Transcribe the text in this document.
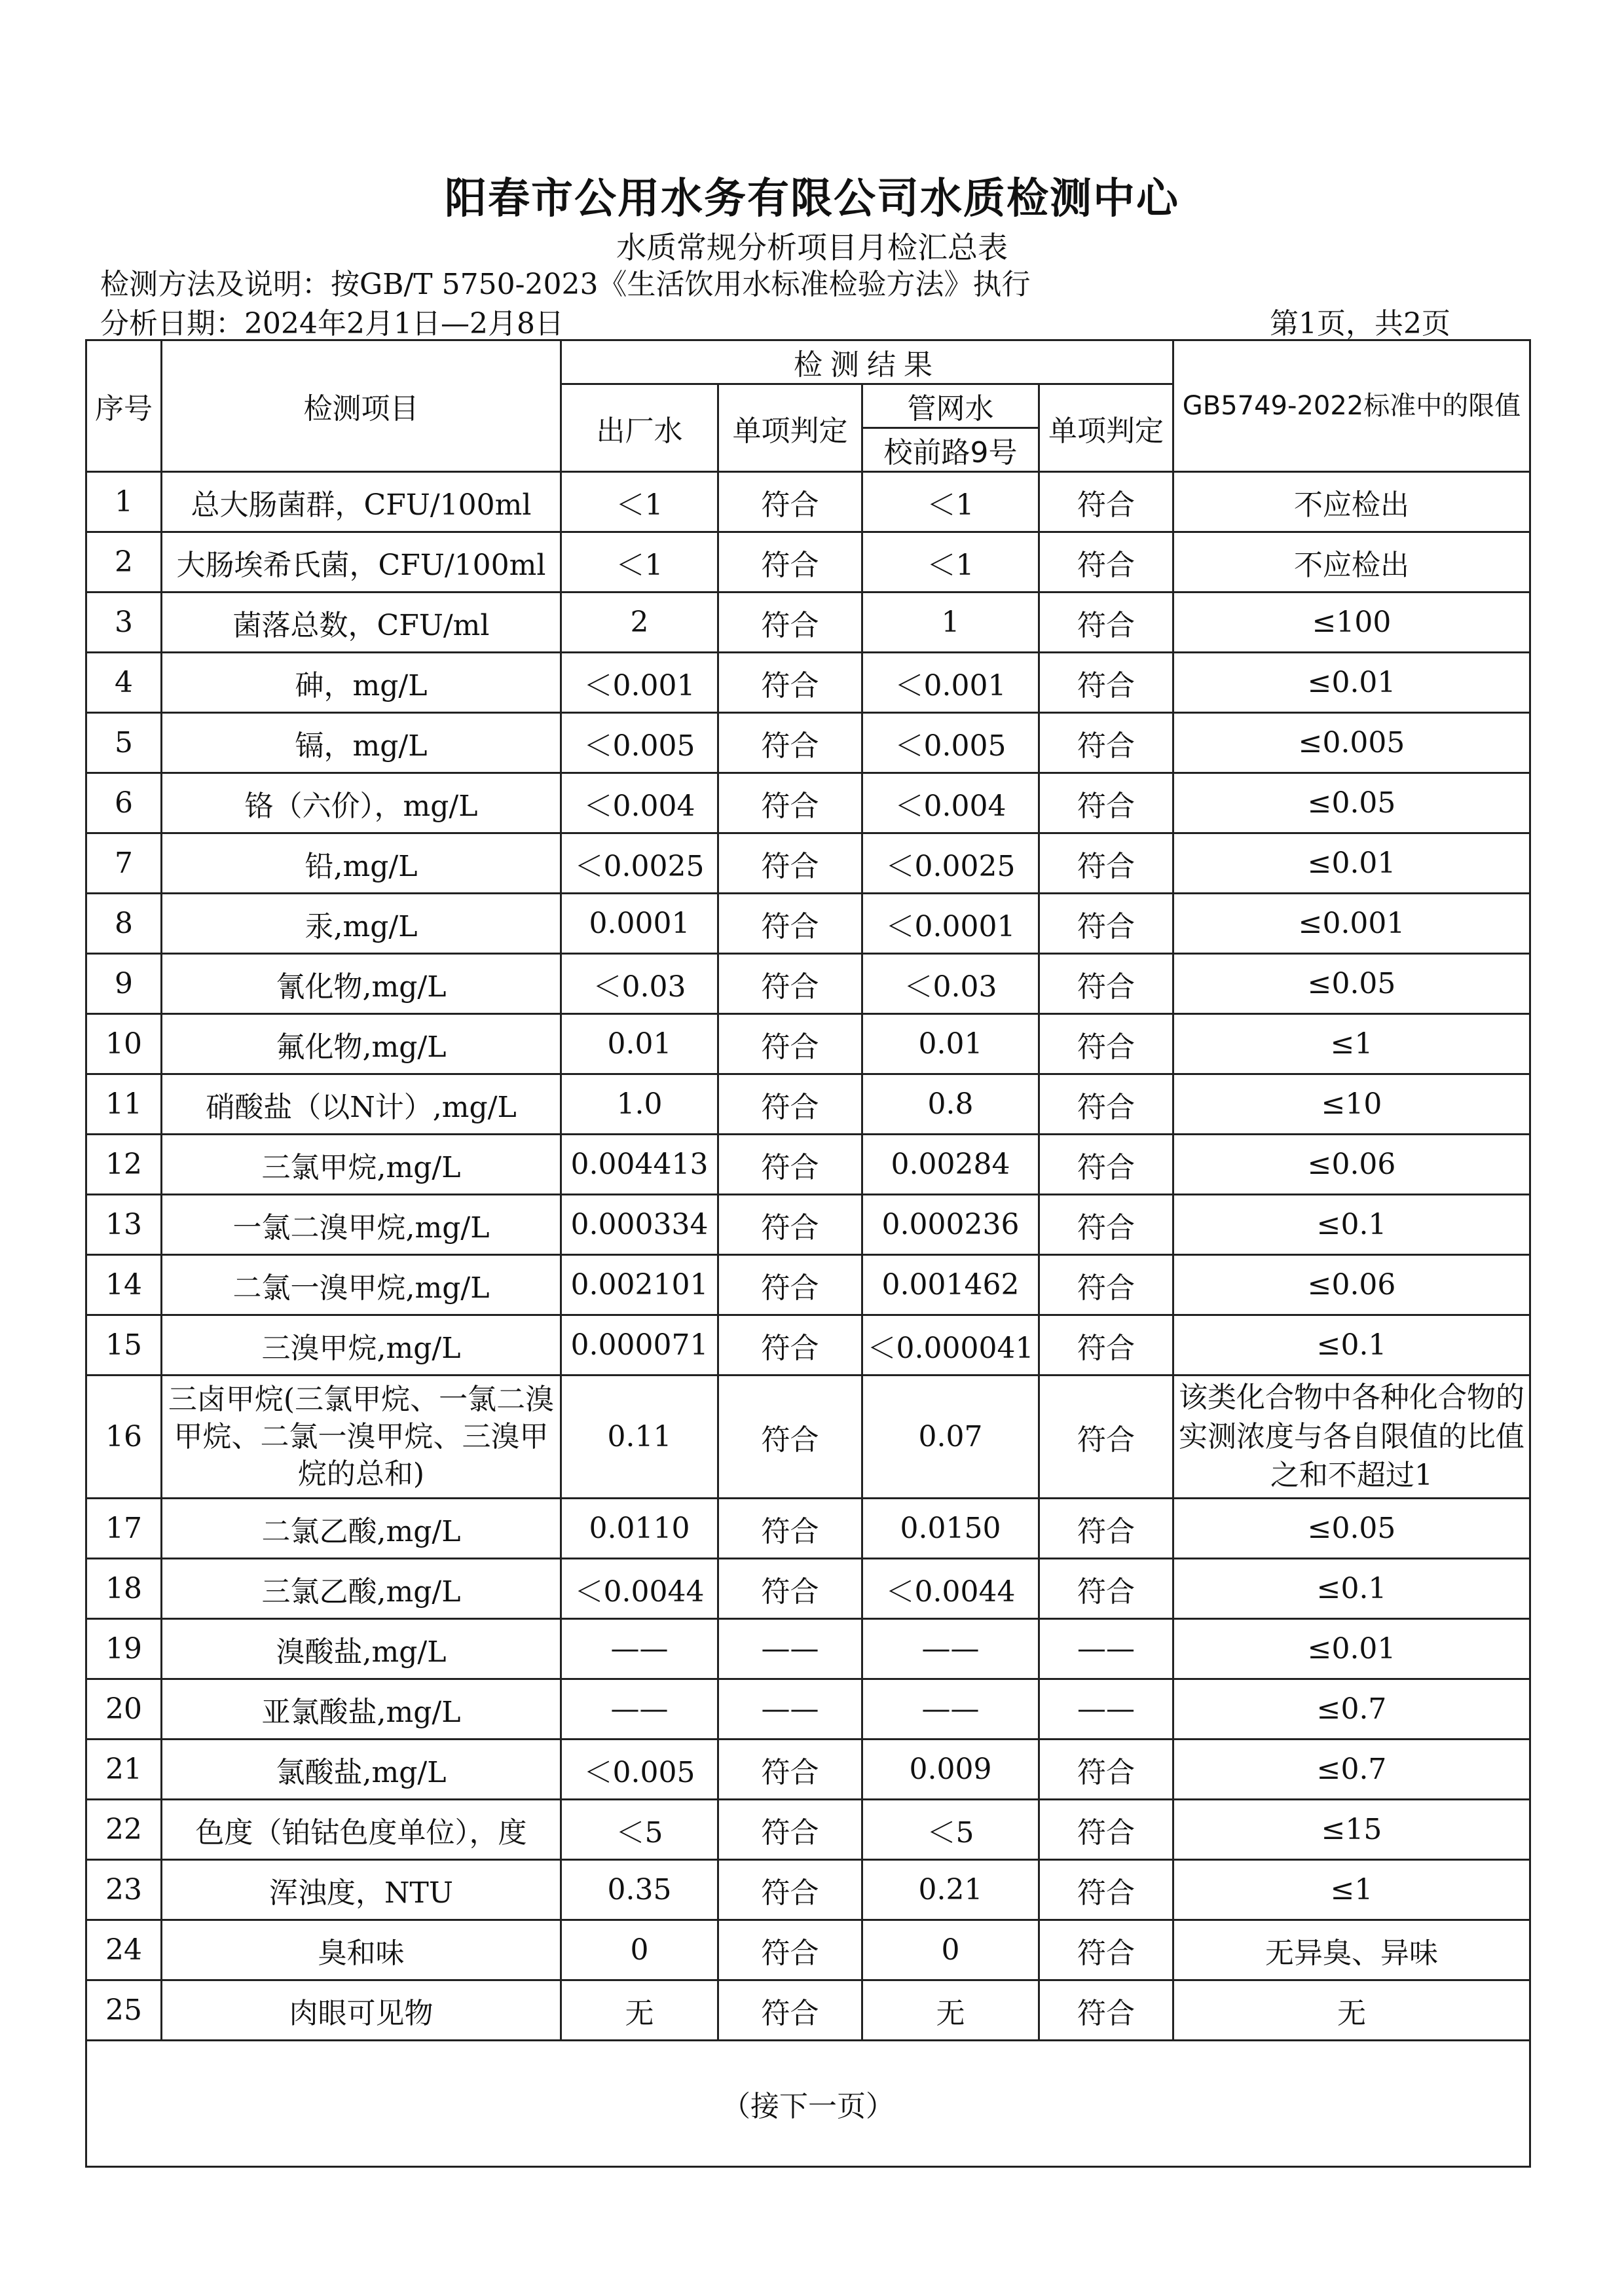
阳春市公用水务有限公司水质检测中心
水质常规分析项目月检汇总表
检测方法及说明：按GB/T 5750-2023《生活饮用水标准检验方法》执行
分析日期：2024年2月1日—2月8日	第1页，共2页
序号	检测项目	检测结果				GB5749-2022标准中的限值
		出厂水	单项判定	管网水	单项判定	
				校前路9号		
1	总大肠菌群，CFU/100ml	＜1	符合	＜1	符合	不应检出
2	大肠埃希氏菌，CFU/100ml	＜1	符合	＜1	符合	不应检出
3	菌落总数，CFU/ml	2	符合	1	符合	≤100
4	砷，mg/L	＜0.001	符合	＜0.001	符合	≤0.01
5	镉，mg/L	＜0.005	符合	＜0.005	符合	≤0.005
6	铬（六价），mg/L	＜0.004	符合	＜0.004	符合	≤0.05
7	铅,mg/L	＜0.0025	符合	＜0.0025	符合	≤0.01
8	汞,mg/L	0.0001	符合	＜0.0001	符合	≤0.001
9	氰化物,mg/L	＜0.03	符合	＜0.03	符合	≤0.05
10	氟化物,mg/L	0.01	符合	0.01	符合	≤1
11	硝酸盐（以N计）,mg/L	1.0	符合	0.8	符合	≤10
12	三氯甲烷,mg/L	0.004413	符合	0.00284	符合	≤0.06
13	一氯二溴甲烷,mg/L	0.000334	符合	0.000236	符合	≤0.1
14	二氯一溴甲烷,mg/L	0.002101	符合	0.001462	符合	≤0.06
15	三溴甲烷,mg/L	0.000071	符合	＜0.000041	符合	≤0.1
16	三卤甲烷(三氯甲烷、一氯二溴甲烷、二氯一溴甲烷、三溴甲烷的总和)	0.11	符合	0.07	符合	该类化合物中各种化合物的实测浓度与各自限值的比值之和不超过1
17	二氯乙酸,mg/L	0.0110	符合	0.0150	符合	≤0.05
18	三氯乙酸,mg/L	＜0.0044	符合	＜0.0044	符合	≤0.1
19	溴酸盐,mg/L	——	——	——	——	≤0.01
20	亚氯酸盐,mg/L	——	——	——	——	≤0.7
21	氯酸盐,mg/L	＜0.005	符合	0.009	符合	≤0.7
22	色度（铂钴色度单位），度	＜5	符合	＜5	符合	≤15
23	浑浊度，NTU	0.35	符合	0.21	符合	≤1
24	臭和味	0	符合	0	符合	无异臭、异味
25	肉眼可见物	无	符合	无	符合	无
（接下一页）						
